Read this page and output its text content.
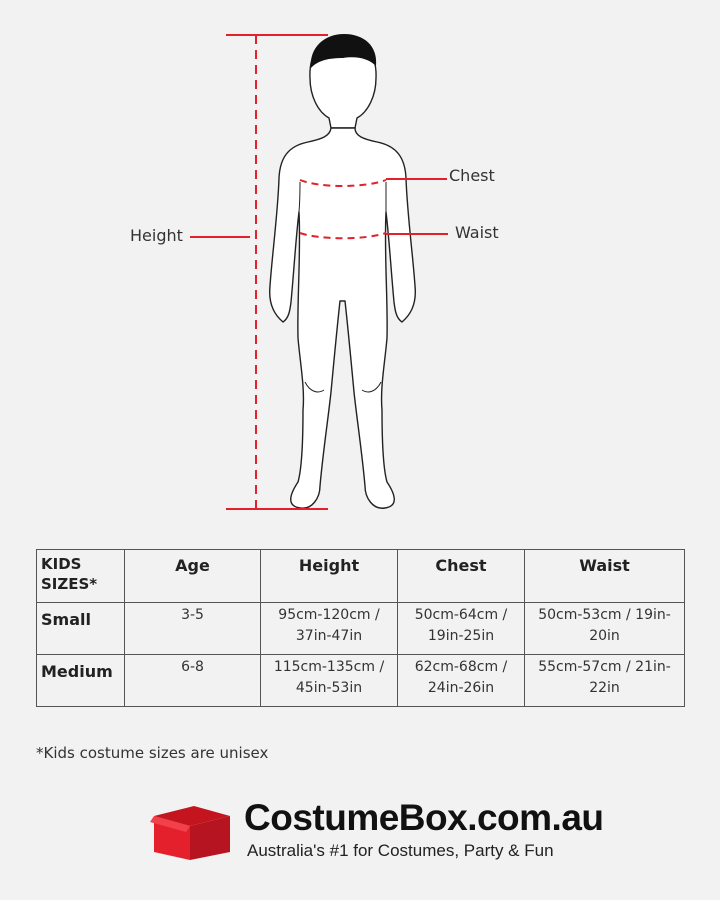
Height
Chest
Waist
KIDS
SIZES*	Age	Height	Chest	Waist
Small	3-5	95cm-120cm / 37in-47in	50cm-64cm / 19in-25in	50cm-53cm / 19in-20in
Medium	6-8	115cm-135cm / 45in-53in	62cm-68cm / 24in-26in	55cm-57cm / 21in-22in
*Kids costume sizes are unisex
CostumeBox.com.au
Australia's #1 for Costumes, Party & Fun
